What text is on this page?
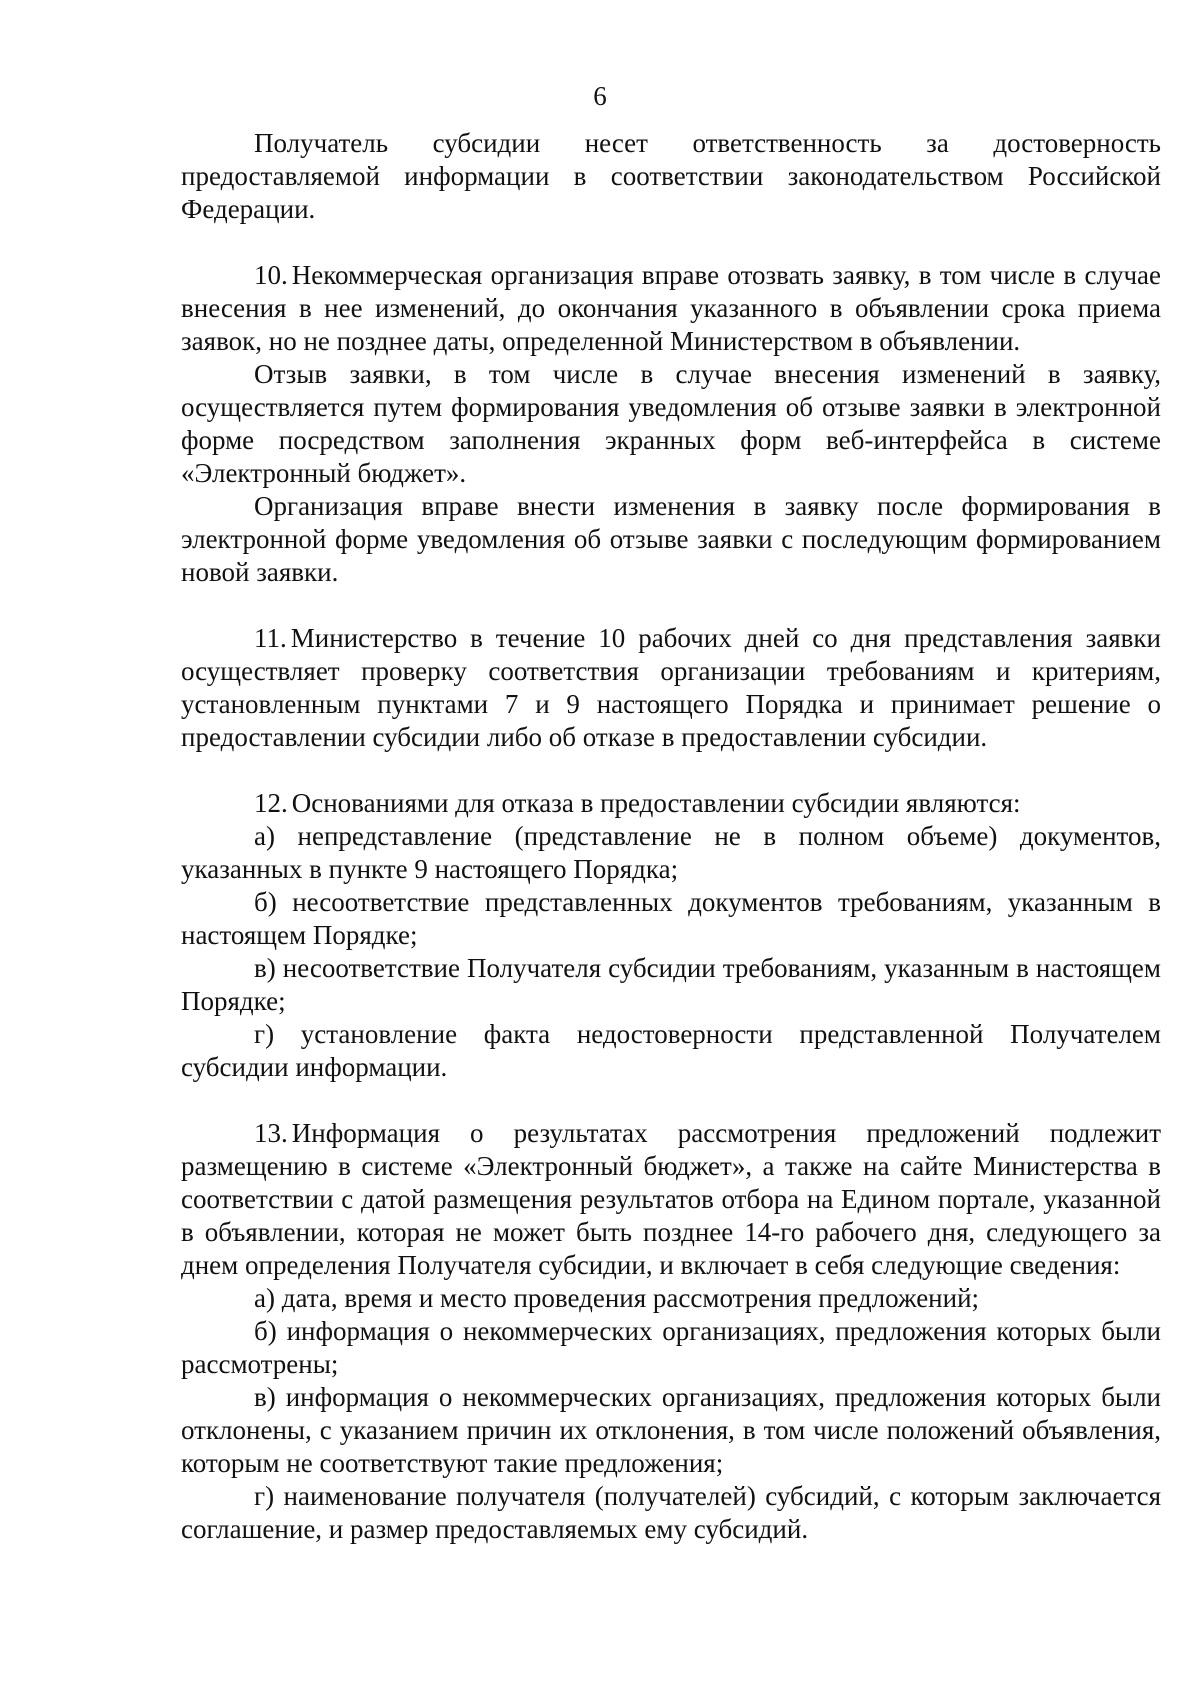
6

Получатель субсидии несет ответственность за достоверность предоставляемой информации в соответствии законодательством Российской Федерации.

10. Некоммерческая организация вправе отозвать заявку, в том числе в случае внесения в нее изменений, до окончания указанного в объявлении срока приема заявок, но не позднее даты, определенной Министерством в объявлении.

Отзыв заявки, в том числе в случае внесения изменений в заявку, осуществляется путем формирования уведомления об отзыве заявки в электронной форме посредством заполнения экранных форм веб-интерфейса в системе «Электронный бюджет».

Организация вправе внести изменения в заявку после формирования в электронной форме уведомления об отзыве заявки с последующим формированием новой заявки.

11. Министерство в течение 10 рабочих дней со дня представления заявки осуществляет проверку соответствия организации требованиям и критериям, установленным пунктами 7 и 9 настоящего Порядка и принимает решение о предоставлении субсидии либо об отказе в предоставлении субсидии.

12. Основаниями для отказа в предоставлении субсидии являются:

а) непредставление (представление не в полном объеме) документов, указанных в пункте 9 настоящего Порядка;

б) несоответствие представленных документов требованиям, указанным в настоящем Порядке;

в) несоответствие Получателя субсидии требованиям, указанным в настоящем Порядке;

г) установление факта недостоверности представленной Получателем субсидии информации.

13. Информация о результатах рассмотрения предложений подлежит размещению в системе «Электронный бюджет», а также на сайте Министерства в соответствии с датой размещения результатов отбора на Едином портале, указанной в объявлении, которая не может быть позднее 14-го рабочего дня, следующего за днем определения Получателя субсидии, и включает в себя следующие сведения:

а) дата, время и место проведения рассмотрения предложений;

б) информация о некоммерческих организациях, предложения которых были рассмотрены;

в) информация о некоммерческих организациях, предложения которых были отклонены, с указанием причин их отклонения, в том числе положений объявления, которым не соответствуют такие предложения;

г) наименование получателя (получателей) субсидий, с которым заключается соглашение, и размер предоставляемых ему субсидий.
